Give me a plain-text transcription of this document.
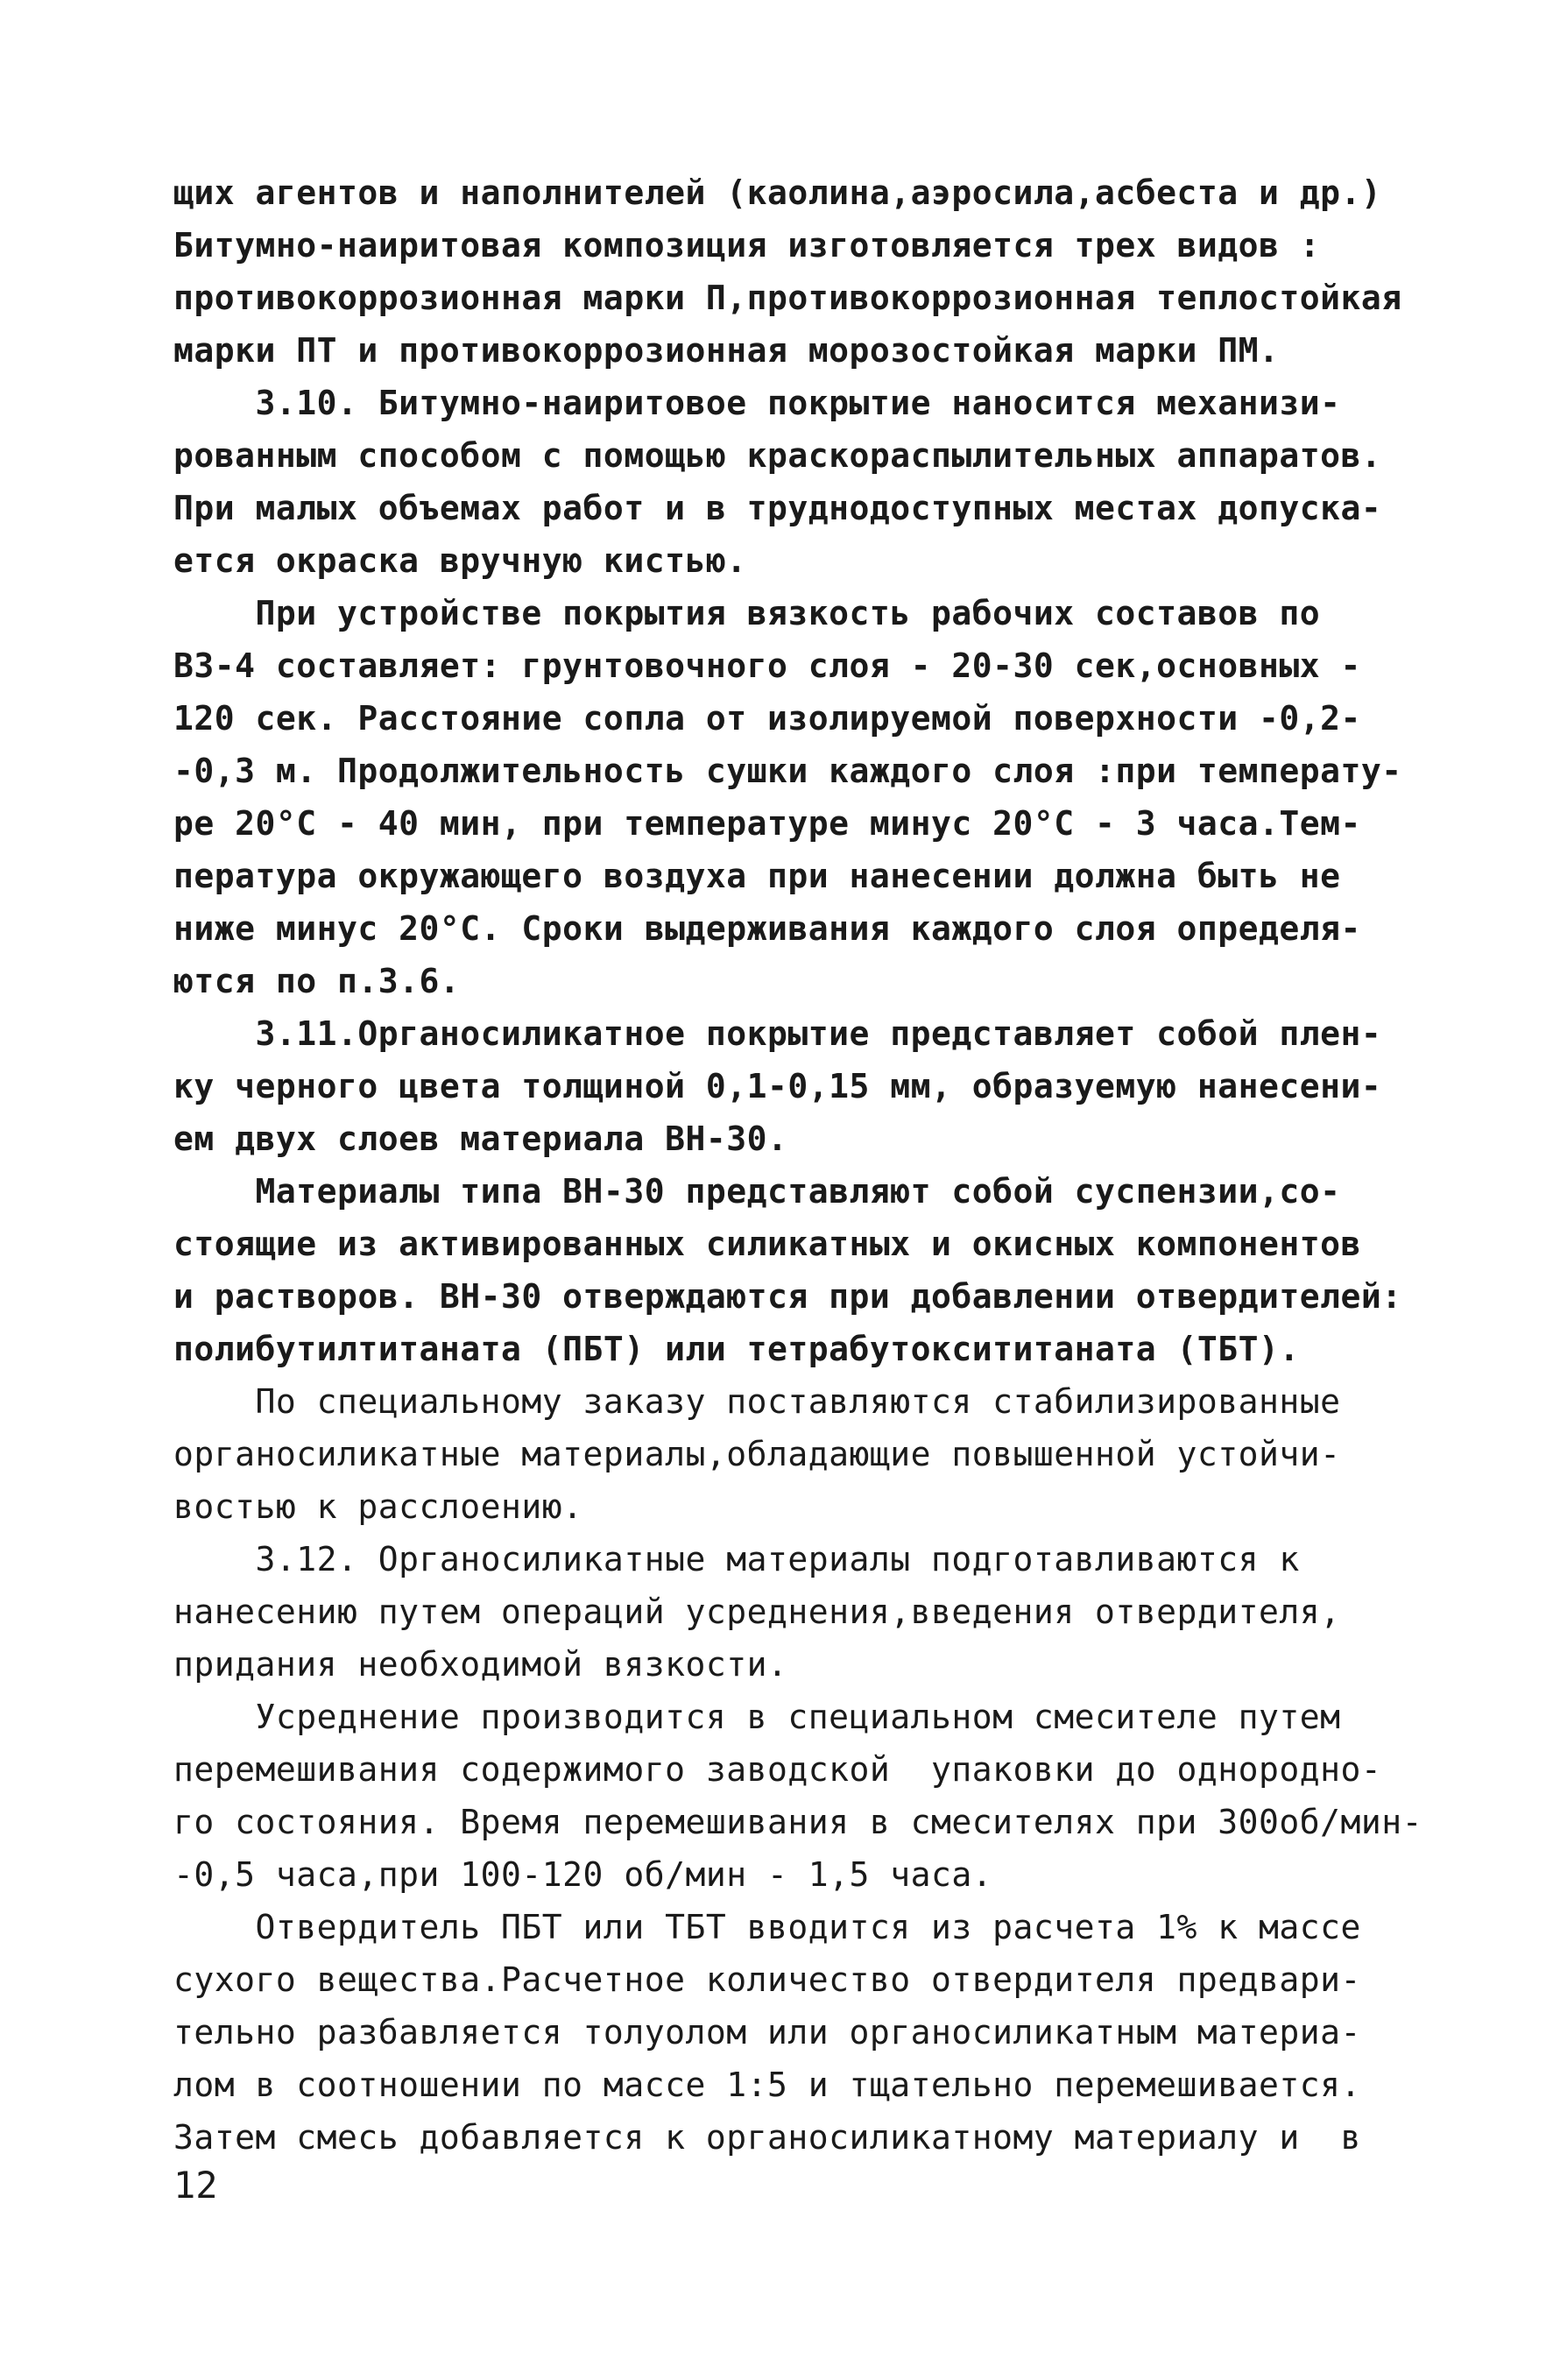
щих агентов и наполнителей (каолина,аэросила,асбеста и др.)
Битумно-наиритовая композиция изготовляется трех видов :
противокоррозионная марки П,противокоррозионная теплостойкая
марки ПТ и противокоррозионная морозостойкая марки ПМ.
3.10. Битумно-наиритовое покрытие наносится механизи-
рованным способом с помощью краскораспылительных аппаратов.
При малых объемах работ и в труднодоступных местах допуска-
ется окраска вручную кистью.
При устройстве покрытия вязкость рабочих составов по
ВЗ-4 составляет: грунтовочного слоя - 20-30 сек,основных -
120 сек. Расстояние сопла от изолируемой поверхности -0,2-
-0,3 м. Продолжительность сушки каждого слоя :при температу-
ре 20°С - 40 мин, при температуре минус 20°С - 3 часа.Тем-
пература окружающего воздуха при нанесении должна быть не
ниже минус 20°С. Сроки выдерживания каждого слоя определя-
ются по п.3.6.
3.11.Органосиликатное покрытие представляет собой плен-
ку черного цвета толщиной 0,1-0,15 мм, образуемую нанесени-
ем двух слоев материала ВН-30.
Материалы типа ВН-30 представляют собой суспензии,со-
стоящие из активированных силикатных и окисных компонентов
и растворов. ВН-30 отверждаются при добавлении отвердителей:
полибутилтитаната (ПБТ) или тетрабутоксититаната (ТБТ).
По специальному заказу поставляются стабилизированные
органосиликатные материалы,обладающие повышенной устойчи-
востью к расслоению.
3.12. Органосиликатные материалы подготавливаются к
нанесению путем операций усреднения,введения отвердителя,
придания необходимой вязкости.
Усреднение производится в специальном смесителе путем
перемешивания содержимого заводской  упаковки до однородно-
го состояния. Время перемешивания в смесителях при 300об/мин-
-0,5 часа,при 100-120 об/мин - 1,5 часа.
Отвердитель ПБТ или ТБТ вводится из расчета 1% к массе
сухого вещества.Расчетное количество отвердителя предвари-
тельно разбавляется толуолом или органосиликатным материа-
лом в соотношении по массе 1:5 и тщательно перемешивается.
Затем смесь добавляется к органосиликатному материалу и  в
12
